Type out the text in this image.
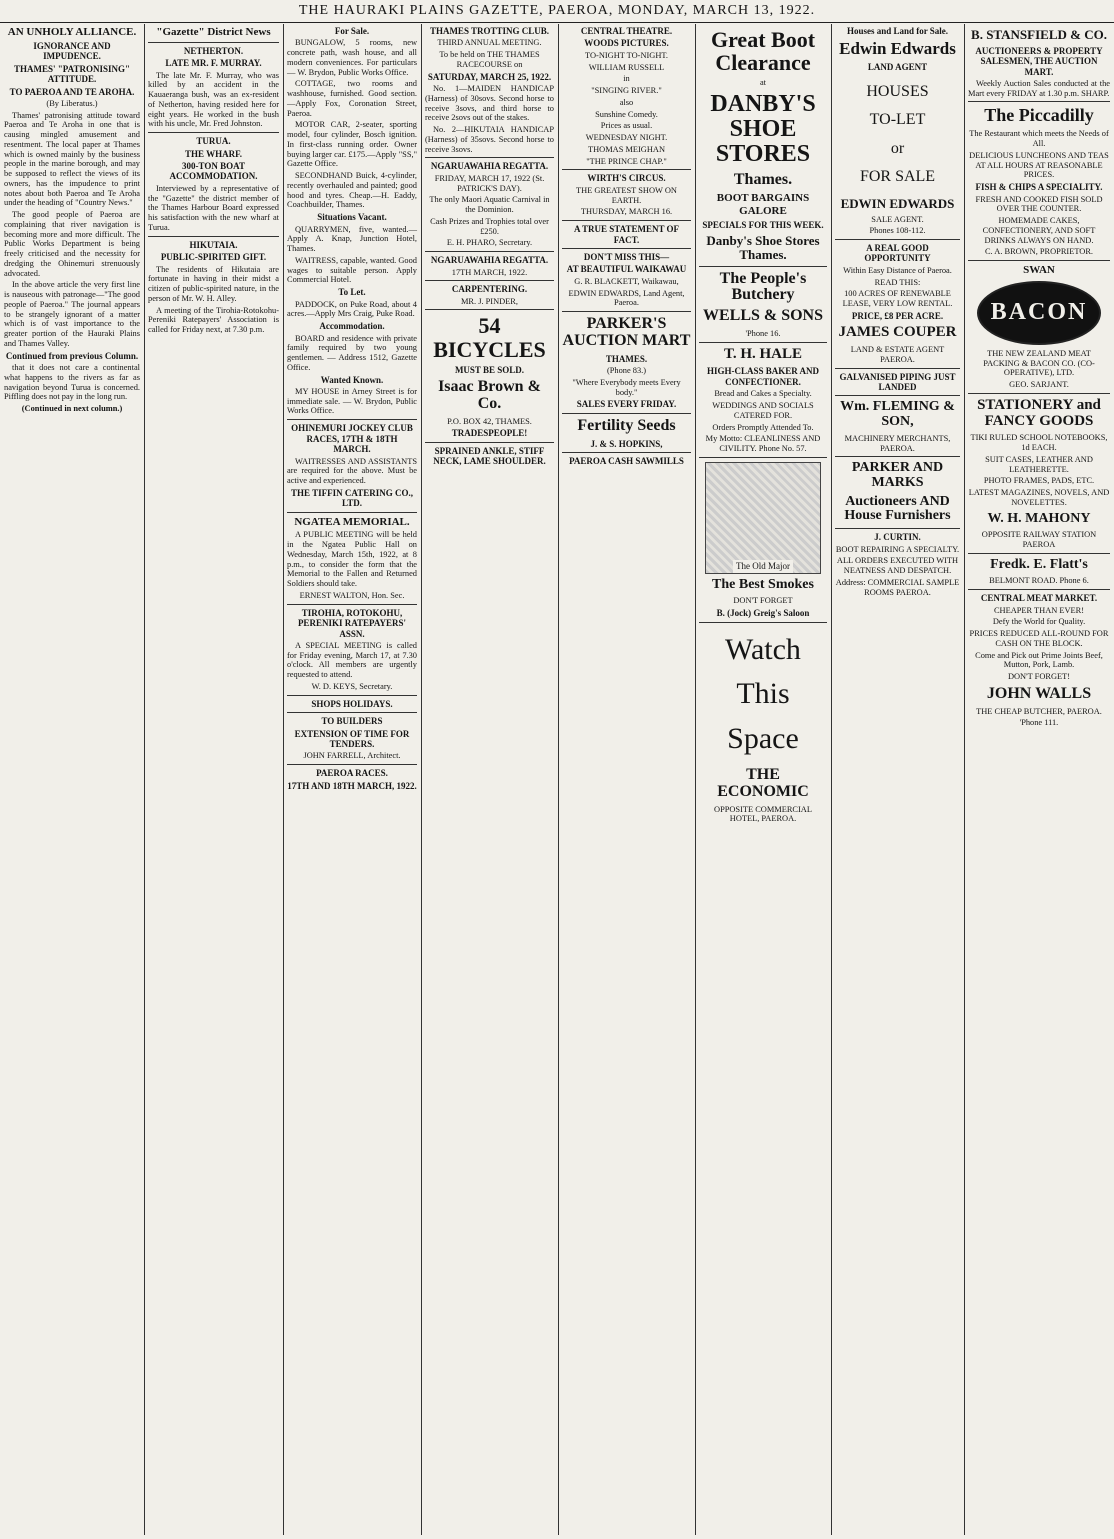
THE HAURAKI PLAINS GAZETTE, PAEROA, MONDAY, MARCH 13, 1922.
AN UNHOLY ALLIANCE.
IGNORANCE AND IMPUDENCE.
THAMES' "PATRONISING" ATTITUDE.
TO PAEROA AND TE AROHA.

(By Liberatus.)

Thames' patronising attitude toward Paeroa and Te Aroha in one that is causing mingled amusement and resentment. The local paper at Thames which is owned mainly by the business people in the marine borough, and may be supposed to reflect the views of its owners, has the impudence to print notes about both Paeroa and Te Aroha under the heading of "Country News."

The good people of Paeroa are complaining that river navigation is becoming more and more difficult. The Public Works Department is being freely criticised and the necessity for dredging the Ohinemuri strenuously advocated.

In the above article the very first line is nauseous with patronage—"The good people of Paeroa." The journal appears to be strangely ignorant of a matter which is of vast importance to the greater portion of the Hauraki Plains and Thames Valley.

Continued from previous Column.

that it does not care a continental what happens to the rivers as far as navigation beyond Turua is concerned. Piffling does not pay in the long run.

(Continued in next column.)

"Gazette" District News
NETHERTON.
LATE MR. F. MURRAY.

The late Mr. F. Murray, who was killed by an accident in the Kauaeranga bush, was an ex-resident of Netherton, having resided here for eight years. He worked in the bush with his uncle, Mr. Fred Johnston.

TURUA.
THE WHARF.
300-TON BOAT ACCOMMODATION.

Interviewed by a representative of the "Gazette" the district member of the Thames Harbour Board expressed his satisfaction with the new wharf at Turua.

HIKUTAIA.
PUBLIC-SPIRITED GIFT.

The residents of Hikutaia are fortunate in having in their midst a citizen of public-spirited nature, in the person of Mr. W. H. Alley.

A meeting of the Tirohia-Rotokohu-Pereniki Ratepayers' Association is called for Friday next, at 7.30 p.m.

For Sale.

BUNGALOW, 5 rooms, new concrete path, wash house, and all modern conveniences. For particulars — W. Brydon, Public Works Office.

COTTAGE, two rooms and washhouse, furnished. Good section.—Apply Fox, Coronation Street, Paeroa.

MOTOR CAR, 2-seater, sporting model, four cylinder, Bosch ignition. In first-class running order. Owner buying larger car. £175.—Apply "SS," Gazette Office.

SECONDHAND Buick, 4-cylinder, recently overhauled and painted; good hood and tyres. Cheap.—H. Eaddy, Coachbuilder, Thames.

Situations Vacant.

QUARRYMEN, five, wanted.—Apply A. Knap, Junction Hotel, Thames.

WAITRESS, capable, wanted. Good wages to suitable person. Apply Commercial Hotel.

To Let.

PADDOCK, on Puke Road, about 4 acres.—Apply Mrs Craig, Puke Road.

Accommodation.

BOARD and residence with private family required by two young gentlemen. — Address 1512, Gazette Office.

Wanted Known.

MY HOUSE in Arney Street is for immediate sale. — W. Brydon, Public Works Office.

OHINEMURI JOCKEY CLUB RACES, 17TH & 18TH MARCH.

WAITRESSES AND ASSISTANTS are required for the above. Must be active and experienced.

THE TIFFIN CATERING CO., LTD.
NGATEA MEMORIAL.

A PUBLIC MEETING will be held in the Ngatea Public Hall on Wednesday, March 15th, 1922, at 8 p.m., to consider the form that the Memorial to the Fallen and Returned Soldiers should take.

ERNEST WALTON, Hon. Sec.

TIROHIA, ROTOKOHU, PERENIKI RATEPAYERS' ASSN.

A SPECIAL MEETING is called for Friday evening, March 17, at 7.30 o'clock. All members are urgently requested to attend.

W. D. KEYS, Secretary.

SHOPS HOLIDAYS.
TO BUILDERS
EXTENSION OF TIME FOR TENDERS.

JOHN FARRELL, Architect.

PAEROA RACES.
17TH AND 18TH MARCH, 1922.
THAMES TROTTING CLUB.

THIRD ANNUAL MEETING.

To be held on THE THAMES RACECOURSE on

SATURDAY, MARCH 25, 1922.

No. 1—MAIDEN HANDICAP (Harness) of 30sovs. Second horse to receive 3sovs, and third horse to receive 2sovs out of the stakes.

No. 2—HIKUTAIA HANDICAP (Harness) of 35sovs. Second horse to receive 3sovs.

NGARUAWAHIA REGATTA.

FRIDAY, MARCH 17, 1922 (St. PATRICK'S DAY).

The only Maori Aquatic Carnival in the Dominion.

Cash Prizes and Trophies total over £250.

E. H. PHARO, Secretary.

NGARUAWAHIA REGATTA.

17TH MARCH, 1922.

CARPENTERING.

MR. J. PINDER,

54 BICYCLES
MUST BE SOLD.
Isaac Brown & Co.

P.O. BOX 42, THAMES.

TRADESPEOPLE!
SPRAINED ANKLE, STIFF NECK, LAME SHOULDER.
CENTRAL THEATRE.
WOODS PICTURES.

TO-NIGHT TO-NIGHT.

WILLIAM RUSSELL

in

"SINGING RIVER."

also

Sunshine Comedy.

Prices as usual.

WEDNESDAY NIGHT.

THOMAS MEIGHAN

"THE PRINCE CHAP."

WIRTH'S CIRCUS.

THE GREATEST SHOW ON EARTH.

THURSDAY, MARCH 16.

A TRUE STATEMENT OF FACT.
DON'T MISS THIS—
AT BEAUTIFUL WAIKAWAU

G. R. BLACKETT, Waikawau,

EDWIN EDWARDS, Land Agent, Paeroa.

PARKER'S AUCTION MART
THAMES.

(Phone 83.)

"Where Everybody meets Every body."

SALES EVERY FRIDAY.
Fertility Seeds
J. & S. HOPKINS,
PAEROA CASH SAWMILLS
Great Boot Clearance

at

DANBY'S SHOE STORES
Thames.
BOOT BARGAINS GALORE
SPECIALS FOR THIS WEEK.
Danby's Shoe Stores Thames.
The People's Butchery
WELLS & SONS

'Phone 16.

T. H. HALE
HIGH-CLASS BAKER AND CONFECTIONER.

Bread and Cakes a Specialty.

WEDDINGS AND SOCIALS CATERED FOR.

Orders Promptly Attended To.

My Motto: CLEANLINESS AND CIVILITY. Phone No. 57.

The Old Major
The Best Smokes

DON'T FORGET

B. (Jock) Greig's Saloon
Watch
This
Space
THE ECONOMIC

OPPOSITE COMMERCIAL HOTEL, PAEROA.

Houses and Land for Sale.
Edwin Edwards
LAND AGENT
HOUSES
TO-LET
or
FOR SALE
EDWIN EDWARDS

SALE AGENT.

Phones 108-112.

A REAL GOOD OPPORTUNITY

Within Easy Distance of Paeroa.

READ THIS:

100 ACRES OF RENEWABLE LEASE, VERY LOW RENTAL.

PRICE, £8 PER ACRE.
JAMES COUPER

LAND & ESTATE AGENT PAEROA.

GALVANISED PIPING JUST LANDED
Wm. FLEMING & SON,

MACHINERY MERCHANTS, PAEROA.

PARKER AND MARKS
Auctioneers AND House Furnishers
J. CURTIN.

BOOT REPAIRING A SPECIALTY.

ALL ORDERS EXECUTED WITH NEATNESS AND DESPATCH.

Address: COMMERCIAL SAMPLE ROOMS PAEROA.

B. STANSFIELD & CO.
AUCTIONEERS & PROPERTY SALESMEN, THE AUCTION MART.

Weekly Auction Sales conducted at the Mart every FRIDAY at 1.30 p.m. SHARP.

The Piccadilly

The Restaurant which meets the Needs of All.

DELICIOUS LUNCHEONS AND TEAS AT ALL HOURS AT REASONABLE PRICES.

FISH & CHIPS A SPECIALITY.

FRESH AND COOKED FISH SOLD OVER THE COUNTER.

HOMEMADE CAKES, CONFECTIONERY, AND SOFT DRINKS ALWAYS ON HAND.

C. A. BROWN, PROPRIETOR.

SWAN
BACON

THE NEW ZEALAND MEAT PACKING & BACON CO. (CO-OPERATIVE), LTD.

GEO. SARJANT.

STATIONERY and FANCY GOODS

TIKI RULED SCHOOL NOTEBOOKS, 1d EACH.

SUIT CASES, LEATHER AND LEATHERETTE.

PHOTO FRAMES, PADS, ETC.

LATEST MAGAZINES, NOVELS, AND NOVELETTES.

W. H. MAHONY

OPPOSITE RAILWAY STATION PAEROA

Fredk. E. Flatt's

BELMONT ROAD. Phone 6.

CENTRAL MEAT MARKET.

CHEAPER THAN EVER!

Defy the World for Quality.

PRICES REDUCED ALL-ROUND FOR CASH ON THE BLOCK.

Come and Pick out Prime Joints Beef, Mutton, Pork, Lamb.

DON'T FORGET!

JOHN WALLS

THE CHEAP BUTCHER, PAEROA.

'Phone 111.
